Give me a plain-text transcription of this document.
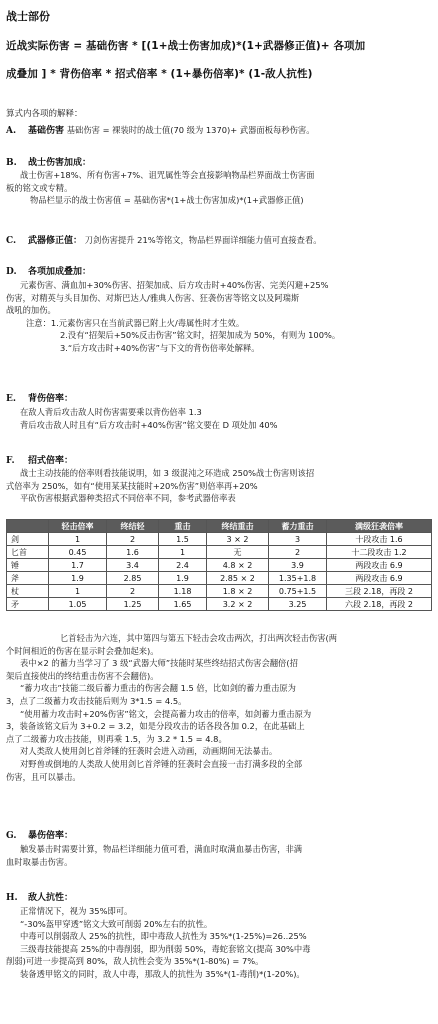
战士部份
近战实际伤害 = 基础伤害 * [(1+战士伤害加成)*(1+武器修正值)+ 各项加
成叠加 ] * 背伤倍率 * 招式倍率 * (1+暴伤倍率)* (1-敌人抗性)
算式内各项的解释：
A. 基础伤害 基础伤害 = 裸装时的战士值(70 级为 1370)+ 武器面板每秒伤害。
B. 战士伤害加成：
战士伤害+18%、所有伤害+7%、诅咒属性等会直接影响物品栏界面战士伤害面
板的铭文或专精。
物品栏显示的战士伤害值 = 基础伤害*(1+战士伤害加成)*(1+武器修正值)
C. 武器修正值： 刀剑伤害提升 21%等铭文，物品栏界面详细能力值可直接查看。
D. 各项加成叠加：
元素伤害、满血加+30%伤害、招架加成、后方攻击时+40%伤害、完美闪避+25%
伤害，对精英与头目加伤、对斯巴达人/雅典人伤害、狂袭伤害等铭文以及阿瑞斯
战吼的加伤。
注意：1.元素伤害只在当前武器已附上火/毒属性时才生效。
2.没有“招架后+50%反击伤害”铭文时，招架加成为 50%，有则为 100%。
3.“后方攻击时+40%伤害”与下文的背伤倍率处解释。
E. 背伤倍率：
在敌人背后攻击敌人时伤害需要乘以背伤倍率 1.3
背后攻击敌人时且有“后方攻击时+40%伤害”铭文要在 D 项处加 40%
F. 招式倍率：
战士主动技能的倍率则看技能说明，如 3 级混沌之环造成 250%战士伤害则该招
式倍率为 250%，如有“使用某某技能时+20%伤害”则倍率再+20%
平砍伤害根据武器种类招式不同倍率不同，参考武器倍率表
	轻击倍率	终结轻	重击	终结重击	蓄力重击	满级狂袭倍率
剑	1	2	1.5	3 × 2	3	十段攻击 1.6
匕首	0.45	1.6	1	无	2	十二段攻击 1.2
锤	1.7	3.4	2.4	4.8 × 2	3.9	两段攻击 6.9
斧	1.9	2.85	1.9	2.85 × 2	1.35+1.8	两段攻击 6.9
杖	1	2	1.18	1.8 × 2	0.75+1.5	三段 2.18，再段 2
矛	1.05	1.25	1.65	3.2 × 2	3.25	六段 2.18，再段 2
匕首轻击为六连，其中第四与第五下轻击会攻击两次，打出两次轻击伤害(两
个时间相近的伤害在显示时会叠加起来)。
表中×2 的蓄力当学习了 3 级“武器大师”技能时某些终结招式伤害会翻倍(招
架后直接使出的终结重击伤害不会翻倍)。
“蓄力攻击”技能二级后蓄力重击的伤害会翻 1.5 倍，比如剑的蓄力重击原为
3，点了二级蓄力攻击技能后则为 3*1.5 = 4.5。
“使用蓄力攻击时+20%伤害”铭文，会提高蓄力攻击的倍率，如剑蓄力重击原为
3，装备该铭文后为 3+0.2 = 3.2，如是分段攻击的话各段各加 0.2，在此基础上
点了二级蓄力攻击技能，则再乘 1.5，为 3.2 * 1.5 = 4.8。
对人类敌人使用剑匕首斧锤的狂袭时会进入动画，动画期间无法暴击。
对野兽或倒地的人类敌人使用剑匕首斧锤的狂袭时会直接一击打满多段的全部
伤害，且可以暴击。
G. 暴伤倍率：
触发暴击时需要计算，物品栏详细能力值可看，满血时取满血暴击伤害，非满
血时取暴击伤害。
H. 敌人抗性：
正常情况下，视为 35%即可。
“-30%盔甲穿透”铭文大致可削弱 20%左右的抗性。
中毒可以削弱敌人 25%的抗性，即中毒敌人抗性为 35%*(1-25%)=26..25%
三级毒技能提高 25%的中毒削弱，即为削弱 50%，毒蛇套铭文(提高 30%中毒
削弱)可进一步提高到 80%，敌人抗性会变为 35%*(1-80%) = 7%。
装备透甲铭文的同时，敌人中毒，那敌人的抗性为 35%*(1-毒削)*(1-20%)。
